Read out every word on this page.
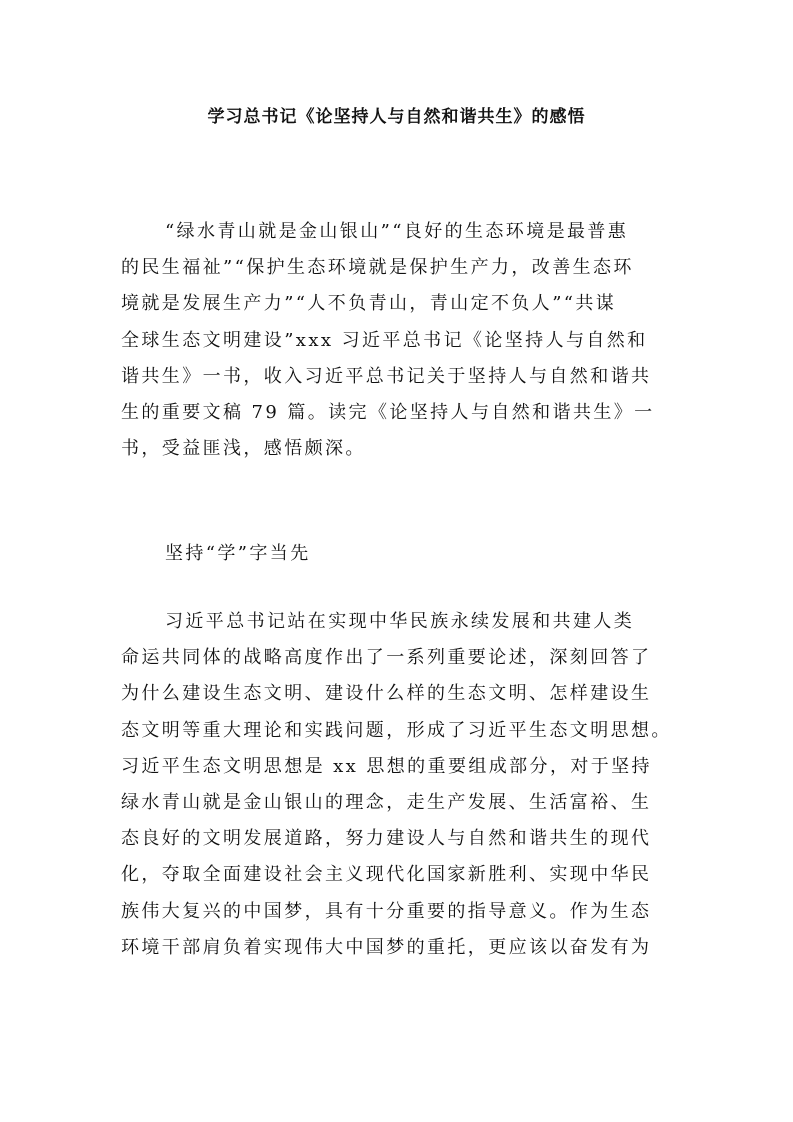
学习总书记《论坚持人与自然和谐共生》的感悟
“绿水青山就是金山银山”“良好的生态环境是最普惠
的民生福祉”“保护生态环境就是保护生产力，改善生态环
境就是发展生产力”“人不负青山，青山定不负人”“共谋
全球生态文明建设”xxx 习近平总书记《论坚持人与自然和
谐共生》一书，收入习近平总书记关于坚持人与自然和谐共
生的重要文稿 79 篇。读完《论坚持人与自然和谐共生》一
书，受益匪浅，感悟颇深。
坚持“学”字当先
习近平总书记站在实现中华民族永续发展和共建人类
命运共同体的战略高度作出了一系列重要论述，深刻回答了
为什么建设生态文明、建设什么样的生态文明、怎样建设生
态文明等重大理论和实践问题，形成了习近平生态文明思想。
习近平生态文明思想是 xx 思想的重要组成部分，对于坚持
绿水青山就是金山银山的理念，走生产发展、生活富裕、生
态良好的文明发展道路，努力建设人与自然和谐共生的现代
化，夺取全面建设社会主义现代化国家新胜利、实现中华民
族伟大复兴的中国梦，具有十分重要的指导意义。作为生态
环境干部肩负着实现伟大中国梦的重托，更应该以奋发有为
